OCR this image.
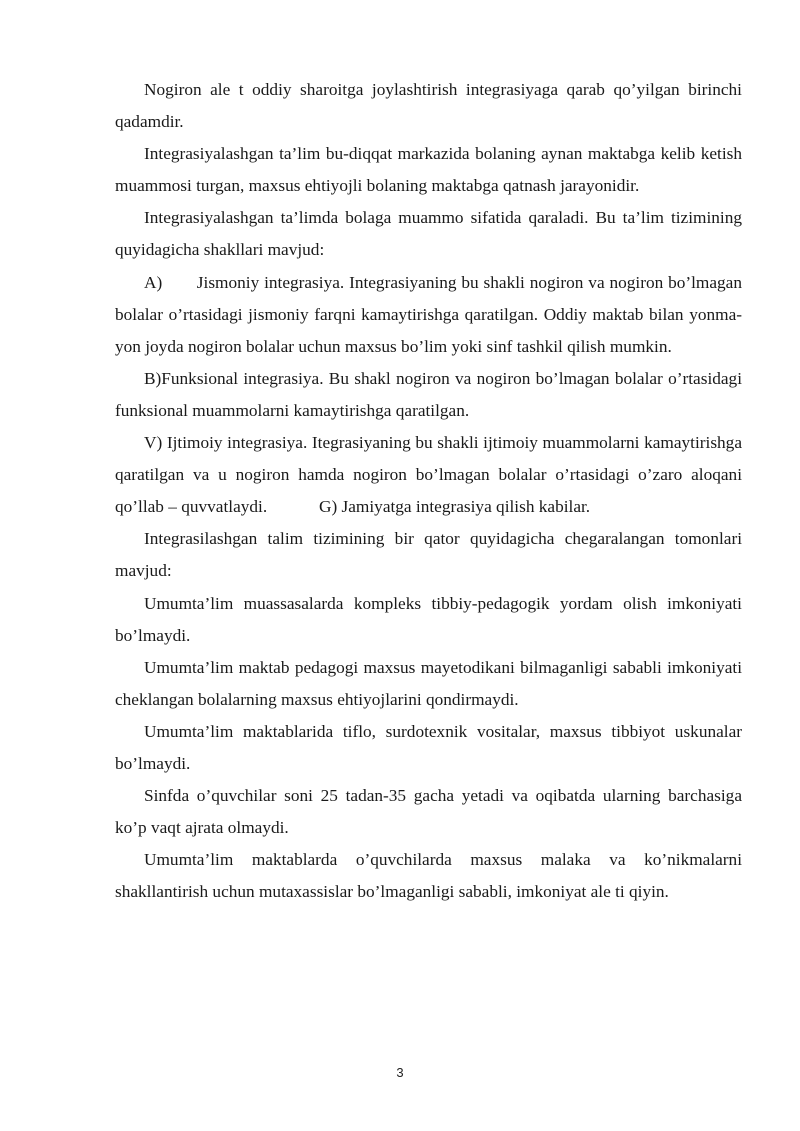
Nogiron ale t oddiy sharoitga joylashtirish integrasiyaga qarab qo’yilgan birinchi qadamdir.

Integrasiyalashgan ta’lim bu-diqqat markazida bolaning aynan maktabga kelib ketish muammosi turgan, maxsus ehtiyojli bolaning maktabga qatnash jarayonidir.

Integrasiyalashgan ta’limda bolaga muammo sifatida qaraladi. Bu ta’lim tizimining quyidagicha shakllari mavjud:

A)  Jismoniy integrasiya. Integrasiyaning bu shakli nogiron va nogiron bo’lmagan bolalar o’rtasidagi jismoniy farqni kamaytirishga qaratilgan. Oddiy maktab bilan yonma-yon joyda nogiron bolalar uchun maxsus bo’lim yoki sinf tashkil qilish mumkin.

B)Funksional integrasiya. Bu shakl nogiron va nogiron bo’lmagan bolalar o’rtasidagi funksional muammolarni kamaytirishga qaratilgan.

V) Ijtimoiy integrasiya. Itegrasiyaning bu shakli ijtimoiy muammolarni kamaytirishga qaratilgan va u nogiron hamda nogiron bo’lmagan bolalar o’rtasidagi o’zaro aloqani qo’llab – quvvatlaydi.   G) Jamiyatga integrasiya qilish kabilar.

Integrasilashgan talim tizimining bir qator quyidagicha chegaralangan tomonlari mavjud:

Umumta’lim muassasalarda kompleks tibbiy-pedagogik yordam olish imkoniyati bo’lmaydi.

Umumta’lim maktab pedagogi maxsus mayetodikani bilmaganligi sababli imkoniyati cheklangan bolalarning maxsus ehtiyojlarini qondirmaydi.

Umumta’lim maktablarida tiflo, surdotexnik vositalar, maxsus tibbiyot uskunalar bo’lmaydi.

Sinfda o’quvchilar soni 25 tadan-35 gacha yetadi va oqibatda ularning barchasiga ko’p vaqt ajrata olmaydi.

Umumta’lim maktablarda o’quvchilarda maxsus malaka va ko’nikmalarni shakllantirish uchun mutaxassislar bo’lmaganligi sababli, imkoniyat ale ti qiyin.

3
